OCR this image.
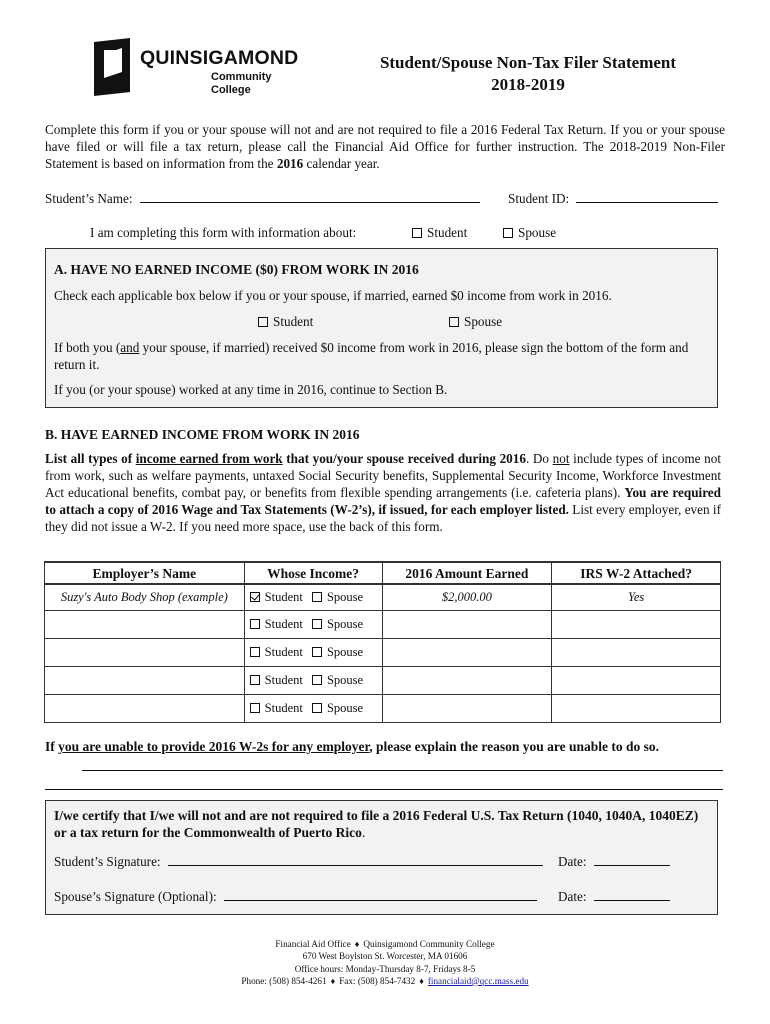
QUINSIGAMOND
Community College
Student/Spouse Non-Tax Filer Statement
2018-2019
Complete this form if you or your spouse will not and are not required to file a 2016 Federal Tax Return. If you or your spouse have filed or will file a tax return, please call the Financial Aid Office for further instruction. The 2018-2019 Non-Filer Statement is based on information from the 2016 calendar year.
Student’s Name:	Student ID:
I am completing this form with information about:	Student	Spouse
A. HAVE NO EARNED INCOME ($0) FROM WORK IN 2016

Check each applicable box below if you or your spouse, if married, earned $0 income from work in 2016.

Student	Spouse

If both you (and your spouse, if married) received $0 income from work in 2016, please sign the bottom of the form and return it.

If you (or your spouse) worked at any time in 2016, continue to Section B.

B. HAVE EARNED INCOME FROM WORK IN 2016
List all types of income earned from work that you/your spouse received during 2016. Do not include types of income not from work, such as welfare payments, untaxed Social Security benefits, Supplemental Security Income, Workforce Investment Act educational benefits, combat pay, or benefits from flexible spending arrangements (i.e. cafeteria plans). You are required to attach a copy of 2016 Wage and Tax Statements (W-2’s), if issued, for each employer listed. List every employer, even if they did not issue a W-2. If you need more space, use the back of this form.
Employer’s Name	Whose Income?	2016 Amount Earned	IRS W-2 Attached?
Suzy's Auto Body Shop (example)	Student Spouse	$2,000.00	Yes
	Student Spouse		
	Student Spouse		
	Student Spouse		
	Student Spouse		
If you are unable to provide 2016 W-2s for any employer, please explain the reason you are unable to do so.
I/we certify that I/we will not and are not required to file a 2016 Federal U.S. Tax Return (1040, 1040A, 1040EZ) or a tax return for the Commonwealth of Puerto Rico.
Student’s Signature:	Date:
Spouse’s Signature (Optional):	Date:
Financial Aid Office ♦ Quinsigamond Community College
670 West Boylston St. Worcester, MA 01606
Office hours: Monday-Thursday 8-7, Fridays 8-5
Phone: (508) 854-4261 ♦ Fax: (508) 854-7432 ♦ financialaid@qcc.mass.edu
